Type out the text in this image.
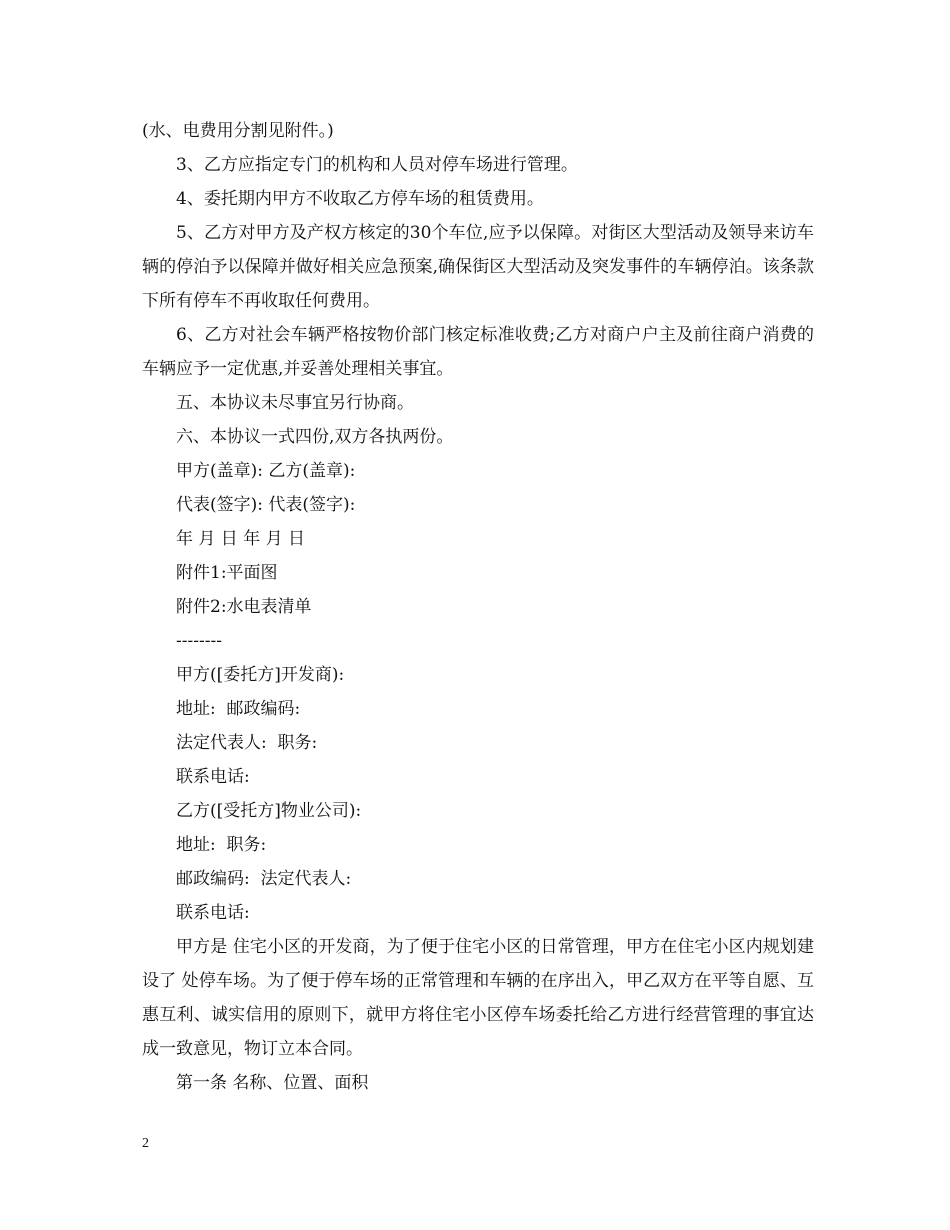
(水、电费用分割见附件。)

3、乙方应指定专门的机构和人员对停车场进行管理。

4、委托期内甲方不收取乙方停车场的租赁费用。

5、乙方对甲方及产权方核定的30个车位,应予以保障。对街区大型活动及领导来访车辆的停泊予以保障并做好相关应急预案,确保街区大型活动及突发事件的车辆停泊。该条款下所有停车不再收取任何费用。

6、乙方对社会车辆严格按物价部门核定标准收费;乙方对商户户主及前往商户消费的车辆应予一定优惠,并妥善处理相关事宜。

五、本协议未尽事宜另行协商。

六、本协议一式四份,双方各执两份。

甲方(盖章): 乙方(盖章):

代表(签字): 代表(签字):

年 月 日 年 月 日

附件1:平面图

附件2:水电表清单

--------

甲方([委托方]开发商):

地址:  邮政编码:

法定代表人:  职务:

联系电话:

乙方([受托方]物业公司):

地址:  职务:

邮政编码:  法定代表人:

联系电话:

甲方是 住宅小区的开发商，为了便于住宅小区的日常管理，甲方在住宅小区内规划建设了 处停车场。为了便于停车场的正常管理和车辆的在序出入，甲乙双方在平等自愿、互惠互利、诚实信用的原则下，就甲方将住宅小区停车场委托给乙方进行经营管理的事宜达成一致意见，物订立本合同。

第一条 名称、位置、面积

2
